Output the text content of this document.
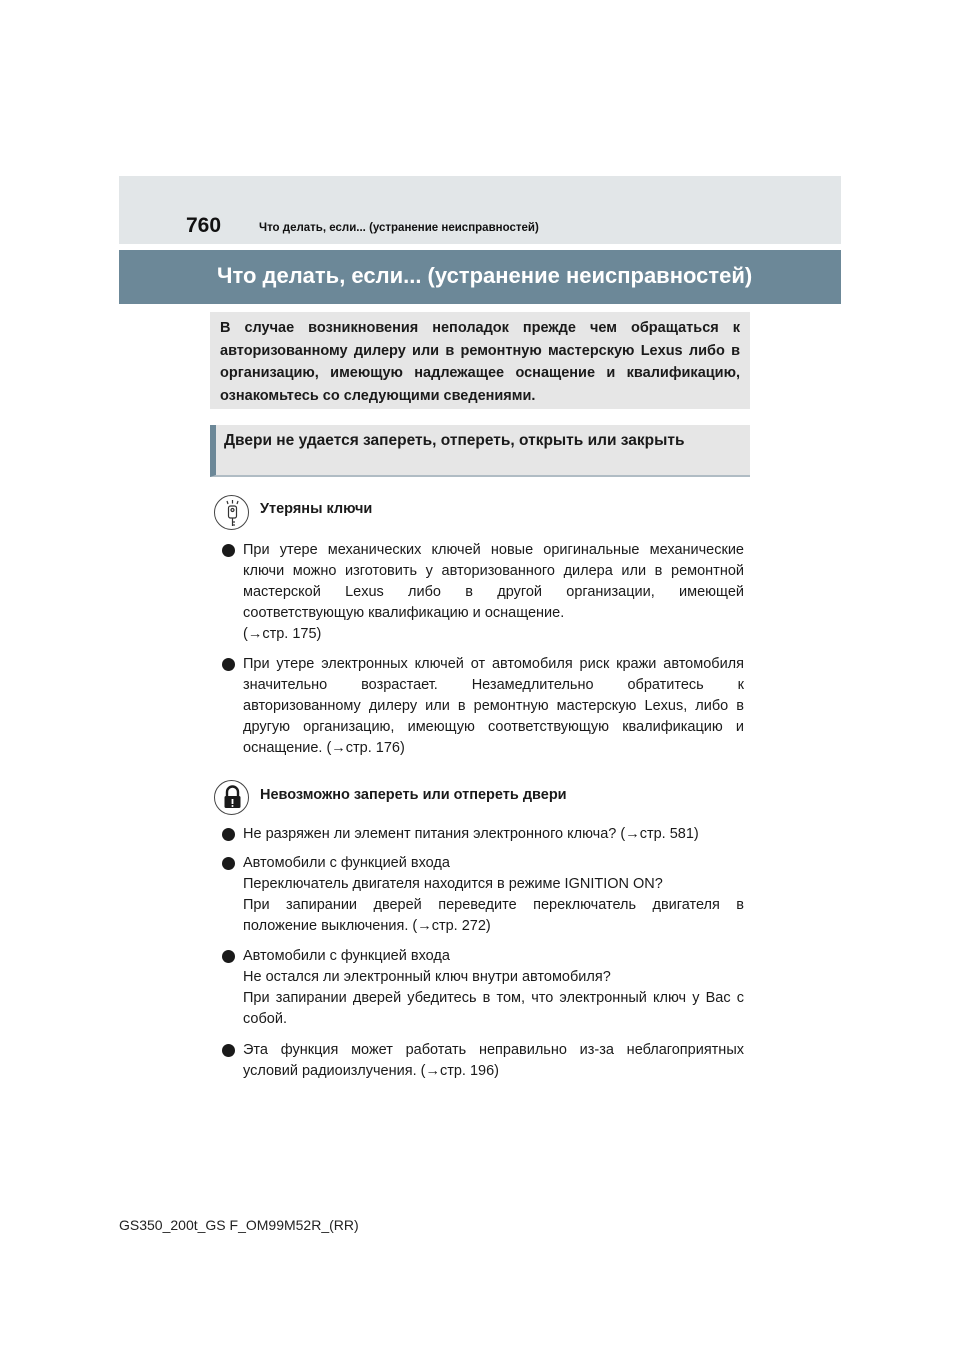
760	Что делать, если... (устранение неисправностей)
Что делать, если... (устранение неисправностей)

В случае возникновения неполадок прежде чем обращаться к авторизованному дилеру или в ремонтную мастерскую Lexus либо в организацию, имеющую надлежащее оснащение и квалификацию, ознакомьтесь со следующими сведениями.

Двери не удается запереть, отпереть, открыть или закрыть

Утеряны ключи
При утере механических ключей новые оригинальные механические ключи можно изготовить у авторизованного дилера или в ремонтной мастерской Lexus либо в другой организации, имеющей соответствующую квалификацию и оснащение.
(→стр. 175)
При утере электронных ключей от автомобиля риск кражи автомобиля значительно возрастает. Незамедлительно обратитесь к авторизованному дилеру или в ремонтную мастерскую Lexus, либо в другую организацию, имеющую соответствующую квалификацию и оснащение. (→стр. 176)
Невозможно запереть или отпереть двери
Не разряжен ли элемент питания электронного ключа? (→стр. 581)
Автомобили с функцией входа
Переключатель двигателя находится в режиме IGNITION ON?
При запирании дверей переведите переключатель двигателя в положение выключения. (→стр. 272)
Автомобили с функцией входа
Не остался ли электронный ключ внутри автомобиля?
При запирании дверей убедитесь в том, что электронный ключ у Вас с собой.
Эта функция может работать неправильно из-за неблагоприятных условий радиоизлучения. (→стр. 196)
GS350_200t_GS F_OM99M52R_(RR)
